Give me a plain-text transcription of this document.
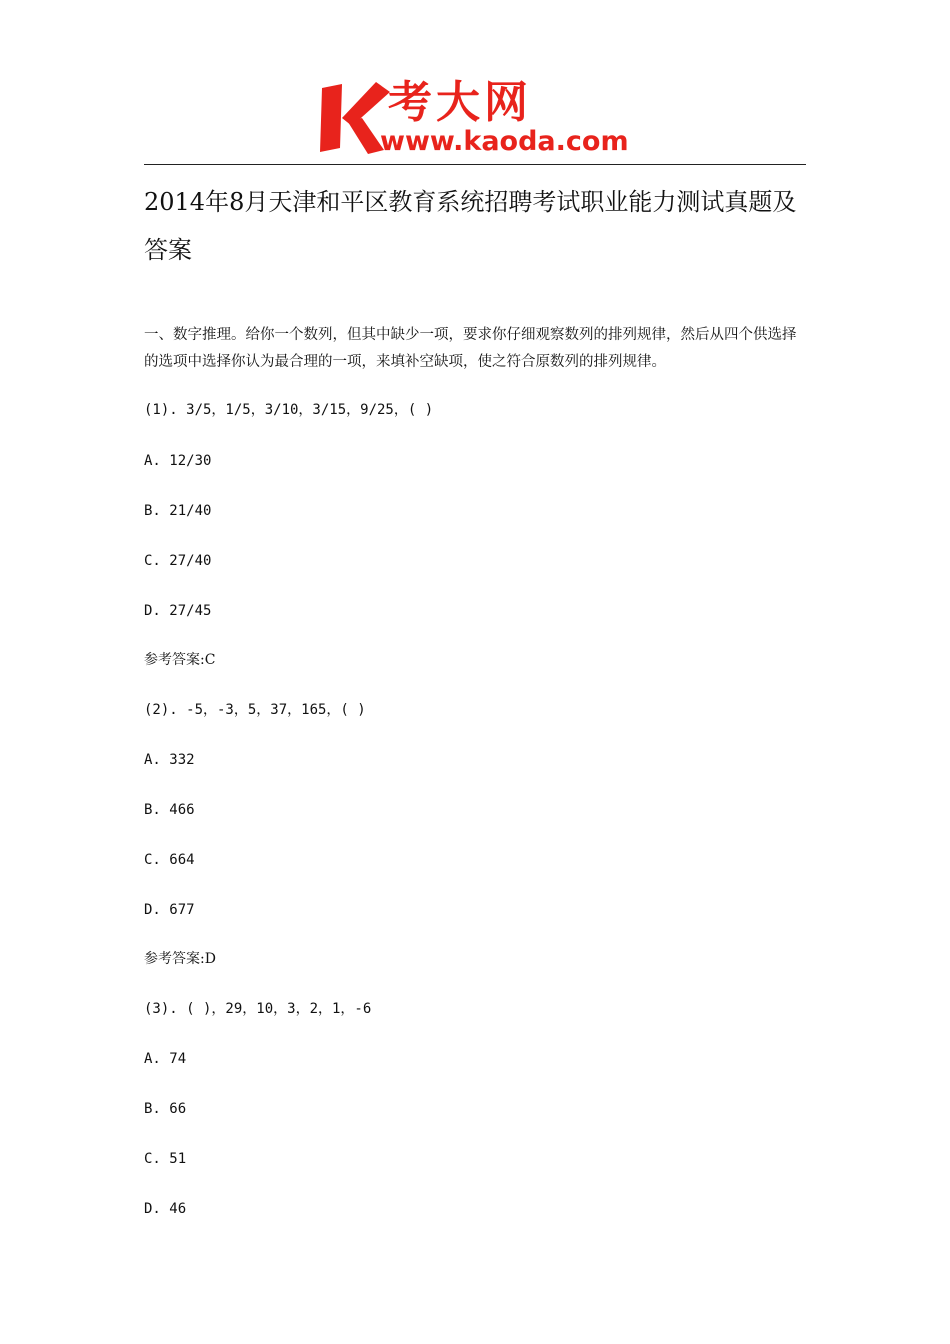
考大网
www.kaoda.com
2014年8月天津和平区教育系统招聘考试职业能力测试真题及答案

一、数字推理。给你一个数列，但其中缺少一项，要求你仔细观察数列的排列规律，然后从四个供选择的选项中选择你认为最合理的一项，来填补空缺项，使之符合原数列的排列规律。

(1). 3/5，1/5，3/10，3/15，9/25，( )
A. 12/30
B. 21/40
C. 27/40
D. 27/45
参考答案:C
(2). -5，-3，5，37，165，( )
A. 332
B. 466
C. 664
D. 677
参考答案:D
(3). ( )，29，10，3，2，1，-6
A. 74
B. 66
C. 51
D. 46
